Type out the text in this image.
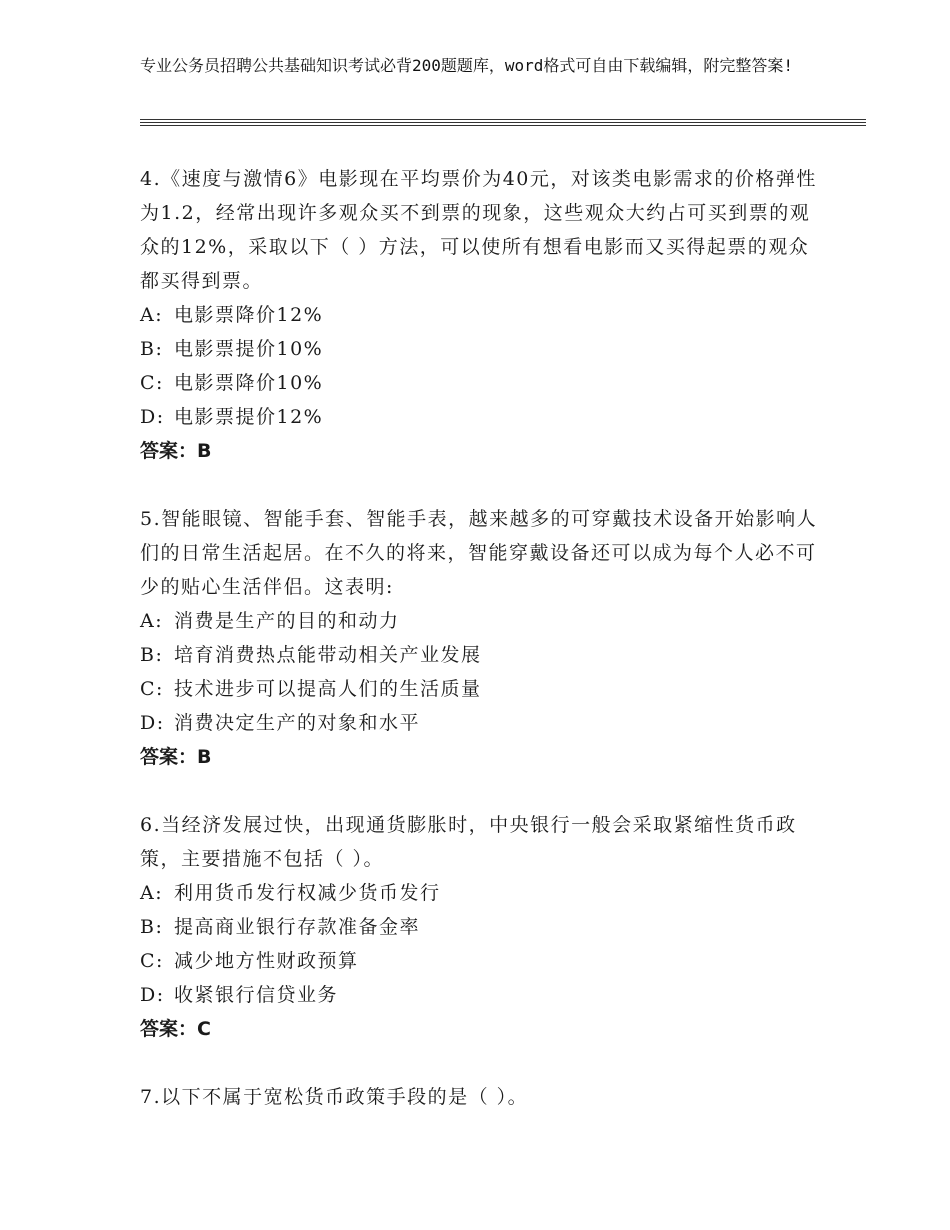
专业公务员招聘公共基础知识考试必背200题题库，word格式可自由下载编辑，附完整答案!

4.《速度与激情6》电影现在平均票价为40元，对该类电影需求的价格弹性为1.2，经常出现许多观众买不到票的现象，这些观众大约占可买到票的观众的12%，采取以下（ ）方法，可以使所有想看电影而又买得起票的观众都买得到票。

A: 电影票降价12%

B: 电影票提价10%

C: 电影票降价10%

D: 电影票提价12%

答案：B

5.智能眼镜、智能手套、智能手表，越来越多的可穿戴技术设备开始影响人们的日常生活起居。在不久的将来，智能穿戴设备还可以成为每个人必不可少的贴心生活伴侣。这表明:

A: 消费是生产的目的和动力

B: 培育消费热点能带动相关产业发展

C: 技术进步可以提高人们的生活质量

D: 消费决定生产的对象和水平

答案：B

6.当经济发展过快，出现通货膨胀时，中央银行一般会采取紧缩性货币政策，主要措施不包括（ ）。

A: 利用货币发行权减少货币发行

B: 提高商业银行存款准备金率

C: 减少地方性财政预算

D: 收紧银行信贷业务

答案：C

7.以下不属于宽松货币政策手段的是（ ）。
